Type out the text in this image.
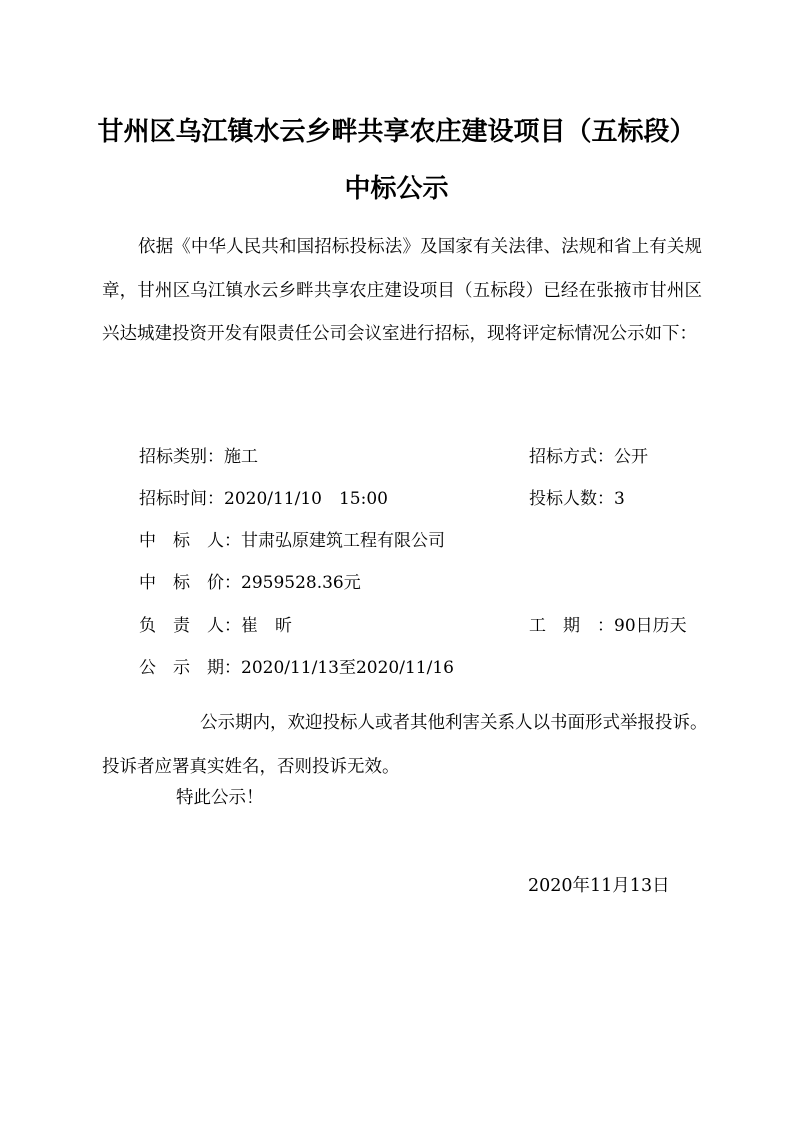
甘州区乌江镇水云乡畔共享农庄建设项目（五标段）
中标公示
依据《中华人民共和国招标投标法》及国家有关法律、法规和省上有关规章，甘州区乌江镇水云乡畔共享农庄建设项目（五标段）已经在张掖市甘州区兴达城建投资开发有限责任公司会议室进行招标，现将评定标情况公示如下：
招标类别：施工	招标方式：公开
招标时间：2020/11/10　15:00	投标人数：3
中　标　人：甘肃弘原建筑工程有限公司
中　标　价：2959528.36元
负　责　人：崔　昕	工　期　：90日历天
公　示　期：2020/11/13至2020/11/16
公示期内，欢迎投标人或者其他利害关系人以书面形式举报投诉。投诉者应署真实姓名，否则投诉无效。
特此公示！
2020年11月13日
